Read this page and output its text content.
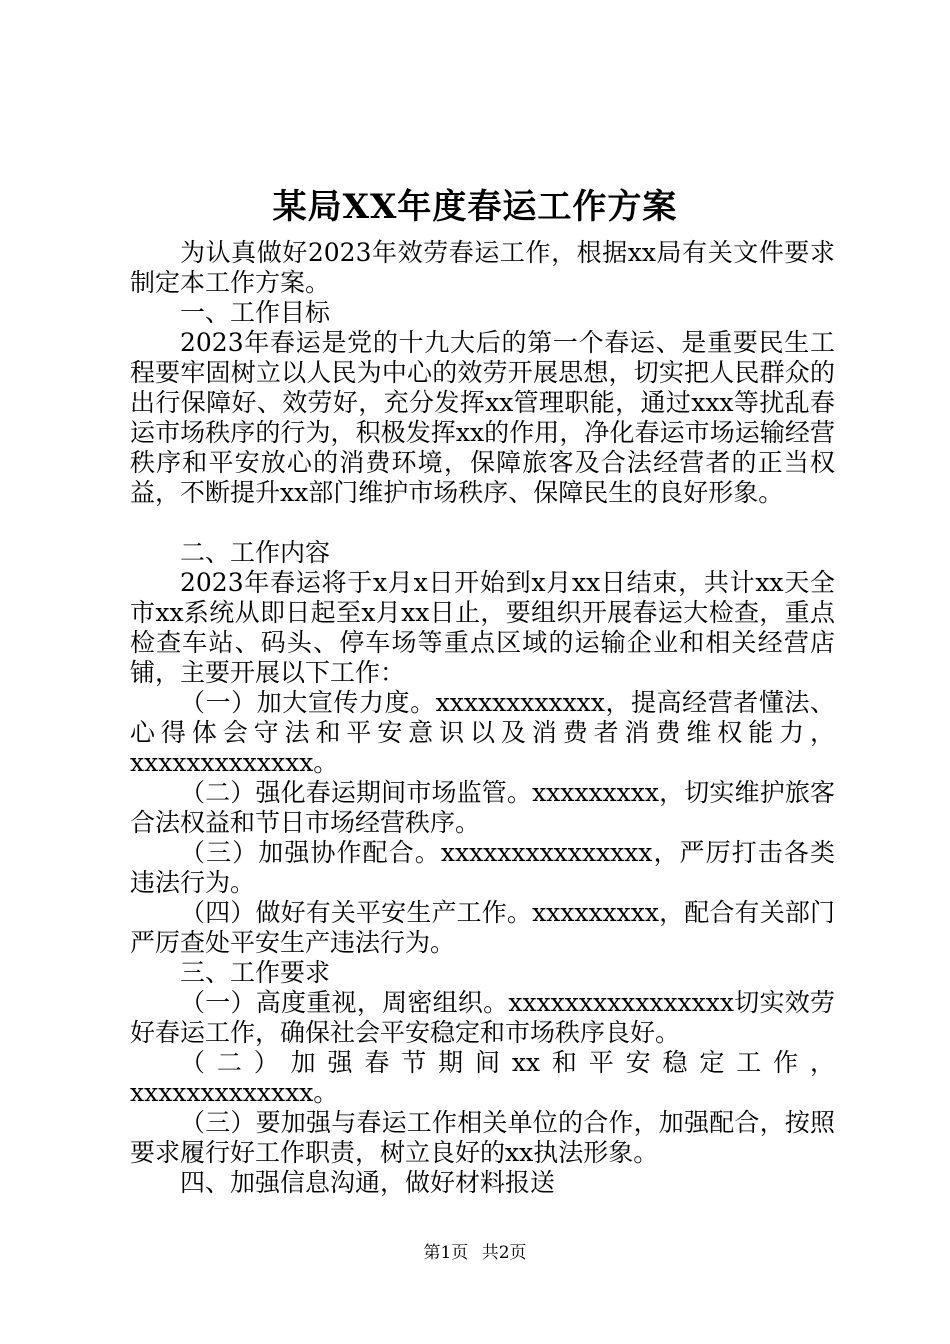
某局XX年度春运工作方案

为认真做好2023年效劳春运工作，根据xx局有关文件要求制定本工作方案。

一、工作目标

2023年春运是党的十九大后的第一个春运、是重要民生工程要牢固树立以人民为中心的效劳开展思想，切实把人民群众的出行保障好、效劳好，充分发挥xx管理职能，通过xxx等扰乱春运市场秩序的行为，积极发挥xx的作用，净化春运市场运输经营秩序和平安放心的消费环境，保障旅客及合法经营者的正当权益，不断提升xx部门维护市场秩序、保障民生的良好形象。

二、工作内容

2023年春运将于x月x日开始到x月xx日结束，共计xx天全市xx系统从即日起至x月xx日止，要组织开展春运大检查，重点检查车站、码头、停车场等重点区域的运输企业和相关经营店铺，主要开展以下工作：

（一）加大宣传力度。xxxxxxxxxxxx，提高经营者懂法、心得体会守法和平安意识以及消费者消费维权能力，xxxxxxxxxxxxx。

（二）强化春运期间市场监管。xxxxxxxxx，切实维护旅客合法权益和节日市场经营秩序。

（三）加强协作配合。xxxxxxxxxxxxxxx，严厉打击各类违法行为。

（四）做好有关平安生产工作。xxxxxxxxx，配合有关部门严厉查处平安生产违法行为。

三、工作要求

（一）高度重视，周密组织。xxxxxxxxxxxxxxxx切实效劳好春运工作，确保社会平安稳定和市场秩序良好。

（二）加强春节期间xx和平安稳定工作，xxxxxxxxxxxxx。

（三）要加强与春运工作相关单位的合作，加强配合，按照要求履行好工作职责，树立良好的xx执法形象。

四、加强信息沟通，做好材料报送

第1页 共2页
